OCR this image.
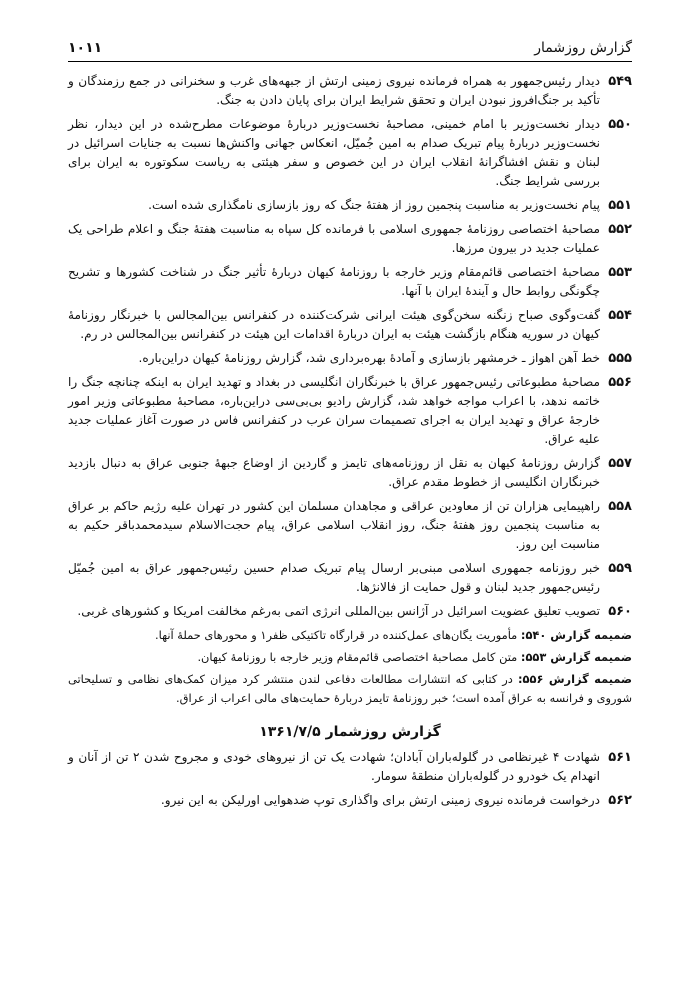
گزارش روزشمار
۱۰۱۱
۵۴۹
دیدار رئیس‌جمهور به همراه فرمانده نیروی زمینی ارتش از جبهه‌های غرب و سخنرانی در جمع رزمندگان و تأکید بر جنگ‌افروز نبودن ایران و تحقق شرایط ایران برای پایان دادن به جنگ.
۵۵۰
دیدار نخست‌وزیر با امام خمینی، مصاحبهٔ نخست‌وزیر دربارهٔ موضوعات مطرح‌شده در این دیدار، نظر نخست‌وزیر دربارهٔ پیام تبریک صدام به امین جُمیّل، انعکاس جهانی واکنش‌ها نسبت به جنایات اسرائیل در لبنان و نقش افشاگرانهٔ انقلاب ایران در این خصوص و سفر هیئتی به ریاست سکوتوره به ایران برای بررسی شرایط جنگ.
۵۵۱
پیام نخست‌وزیر به مناسبت پنجمین روز از هفتهٔ جنگ که روز بازسازی نامگذاری شده است.
۵۵۲
مصاحبهٔ اختصاصی روزنامهٔ جمهوری اسلامی با فرمانده کل سپاه به مناسبت هفتهٔ جنگ و اعلام طراحی یک عملیات جدید در بیرون مرزها.
۵۵۳
مصاحبهٔ اختصاصی قائم‌مقام وزیر خارجه با روزنامهٔ کیهان دربارهٔ تأثیر جنگ در شناخت کشورها و تشریح چگونگی روابط حال و آیندهٔ ایران با آنها.
۵۵۴
گفت‌وگوی صباح زنگنه سخن‌گوی هیئت ایرانی شرکت‌کننده در کنفرانس بین‌المجالس با خبرنگار روزنامهٔ کیهان در سوریه هنگام بازگشت هیئت به ایران دربارهٔ اقدامات این هیئت در کنفرانس بین‌المجالس در رم.
۵۵۵
خط آهن اهواز ـ خرمشهر بازسازی و آمادهٔ بهره‌برداری شد، گزارش روزنامهٔ کیهان دراین‌باره.
۵۵۶
مصاحبهٔ مطبوعاتی رئیس‌جمهور عراق با خبرنگاران انگلیسی در بغداد و تهدید ایران به اینکه چنانچه جنگ را خاتمه ندهد، با اعراب مواجه خواهد شد، گزارش رادیو بی‌بی‌سی دراین‌باره، مصاحبهٔ مطبوعاتی وزیر امور خارجهٔ عراق و تهدید ایران به اجرای تصمیمات سران عرب در کنفرانس فاس در صورت آغاز عملیات جدید علیه عراق.
۵۵۷
گزارش روزنامهٔ کیهان به نقل از روزنامه‌های تایمز و گاردین از اوضاع جبههٔ جنوبی عراق به دنبال بازدید خبرنگاران انگلیسی از خطوط مقدم عراق.
۵۵۸
راهپیمایی هزاران تن از معاودین عراقی و مجاهدان مسلمان این کشور در تهران علیه رژیم حاکم بر عراق به مناسبت پنجمین روز هفتهٔ جنگ، روز انقلاب اسلامی عراق، پیام حجت‌الاسلام سیدمحمدباقر حکیم به مناسبت این روز.
۵۵۹
خبر روزنامه جمهوری اسلامی مبنی‌بر ارسال پیام تبریک صدام حسین رئیس‌جمهور عراق به امین جُمیّل رئیس‌جمهور جدید لبنان و قول حمایت از فالانژها.
۵۶۰
تصویب تعلیق عضویت اسرائیل در آژانس بین‌المللی انرژی اتمی به‌رغم مخالفت امریکا و کشورهای غربی.
ضمیمه گزارش ۵۴۰: مأموریت یگان‌های عمل‌کننده در قرارگاه تاکتیکی ظفر۱ و محورهای حملهٔ آنها.
ضمیمه گزارش ۵۵۳: متن کامل مصاحبهٔ اختصاصی قائم‌مقام وزیر خارجه با روزنامهٔ کیهان.
ضمیمه گزارش ۵۵۶: در کتابی که انتشارات مطالعات دفاعی لندن منتشر کرد میزان کمک‌های نظامی و تسلیحاتی شوروی و فرانسه به عراق آمده است؛ خبر روزنامهٔ تایمز دربارهٔ حمایت‌های مالی اعراب از عراق.
گزارش روزشمار ۱۳۶۱/۷/۵
۵۶۱
شهادت ۴ غیرنظامی در گلوله‌باران آبادان؛ شهادت یک تن از نیروهای خودی و مجروح شدن ۲ تن از آنان و انهدام یک خودرو در گلوله‌باران منطقهٔ سومار.
۵۶۲
درخواست فرمانده نیروی زمینی ارتش برای واگذاری توپ ضدهوایی اورلیکن به این نیرو.
